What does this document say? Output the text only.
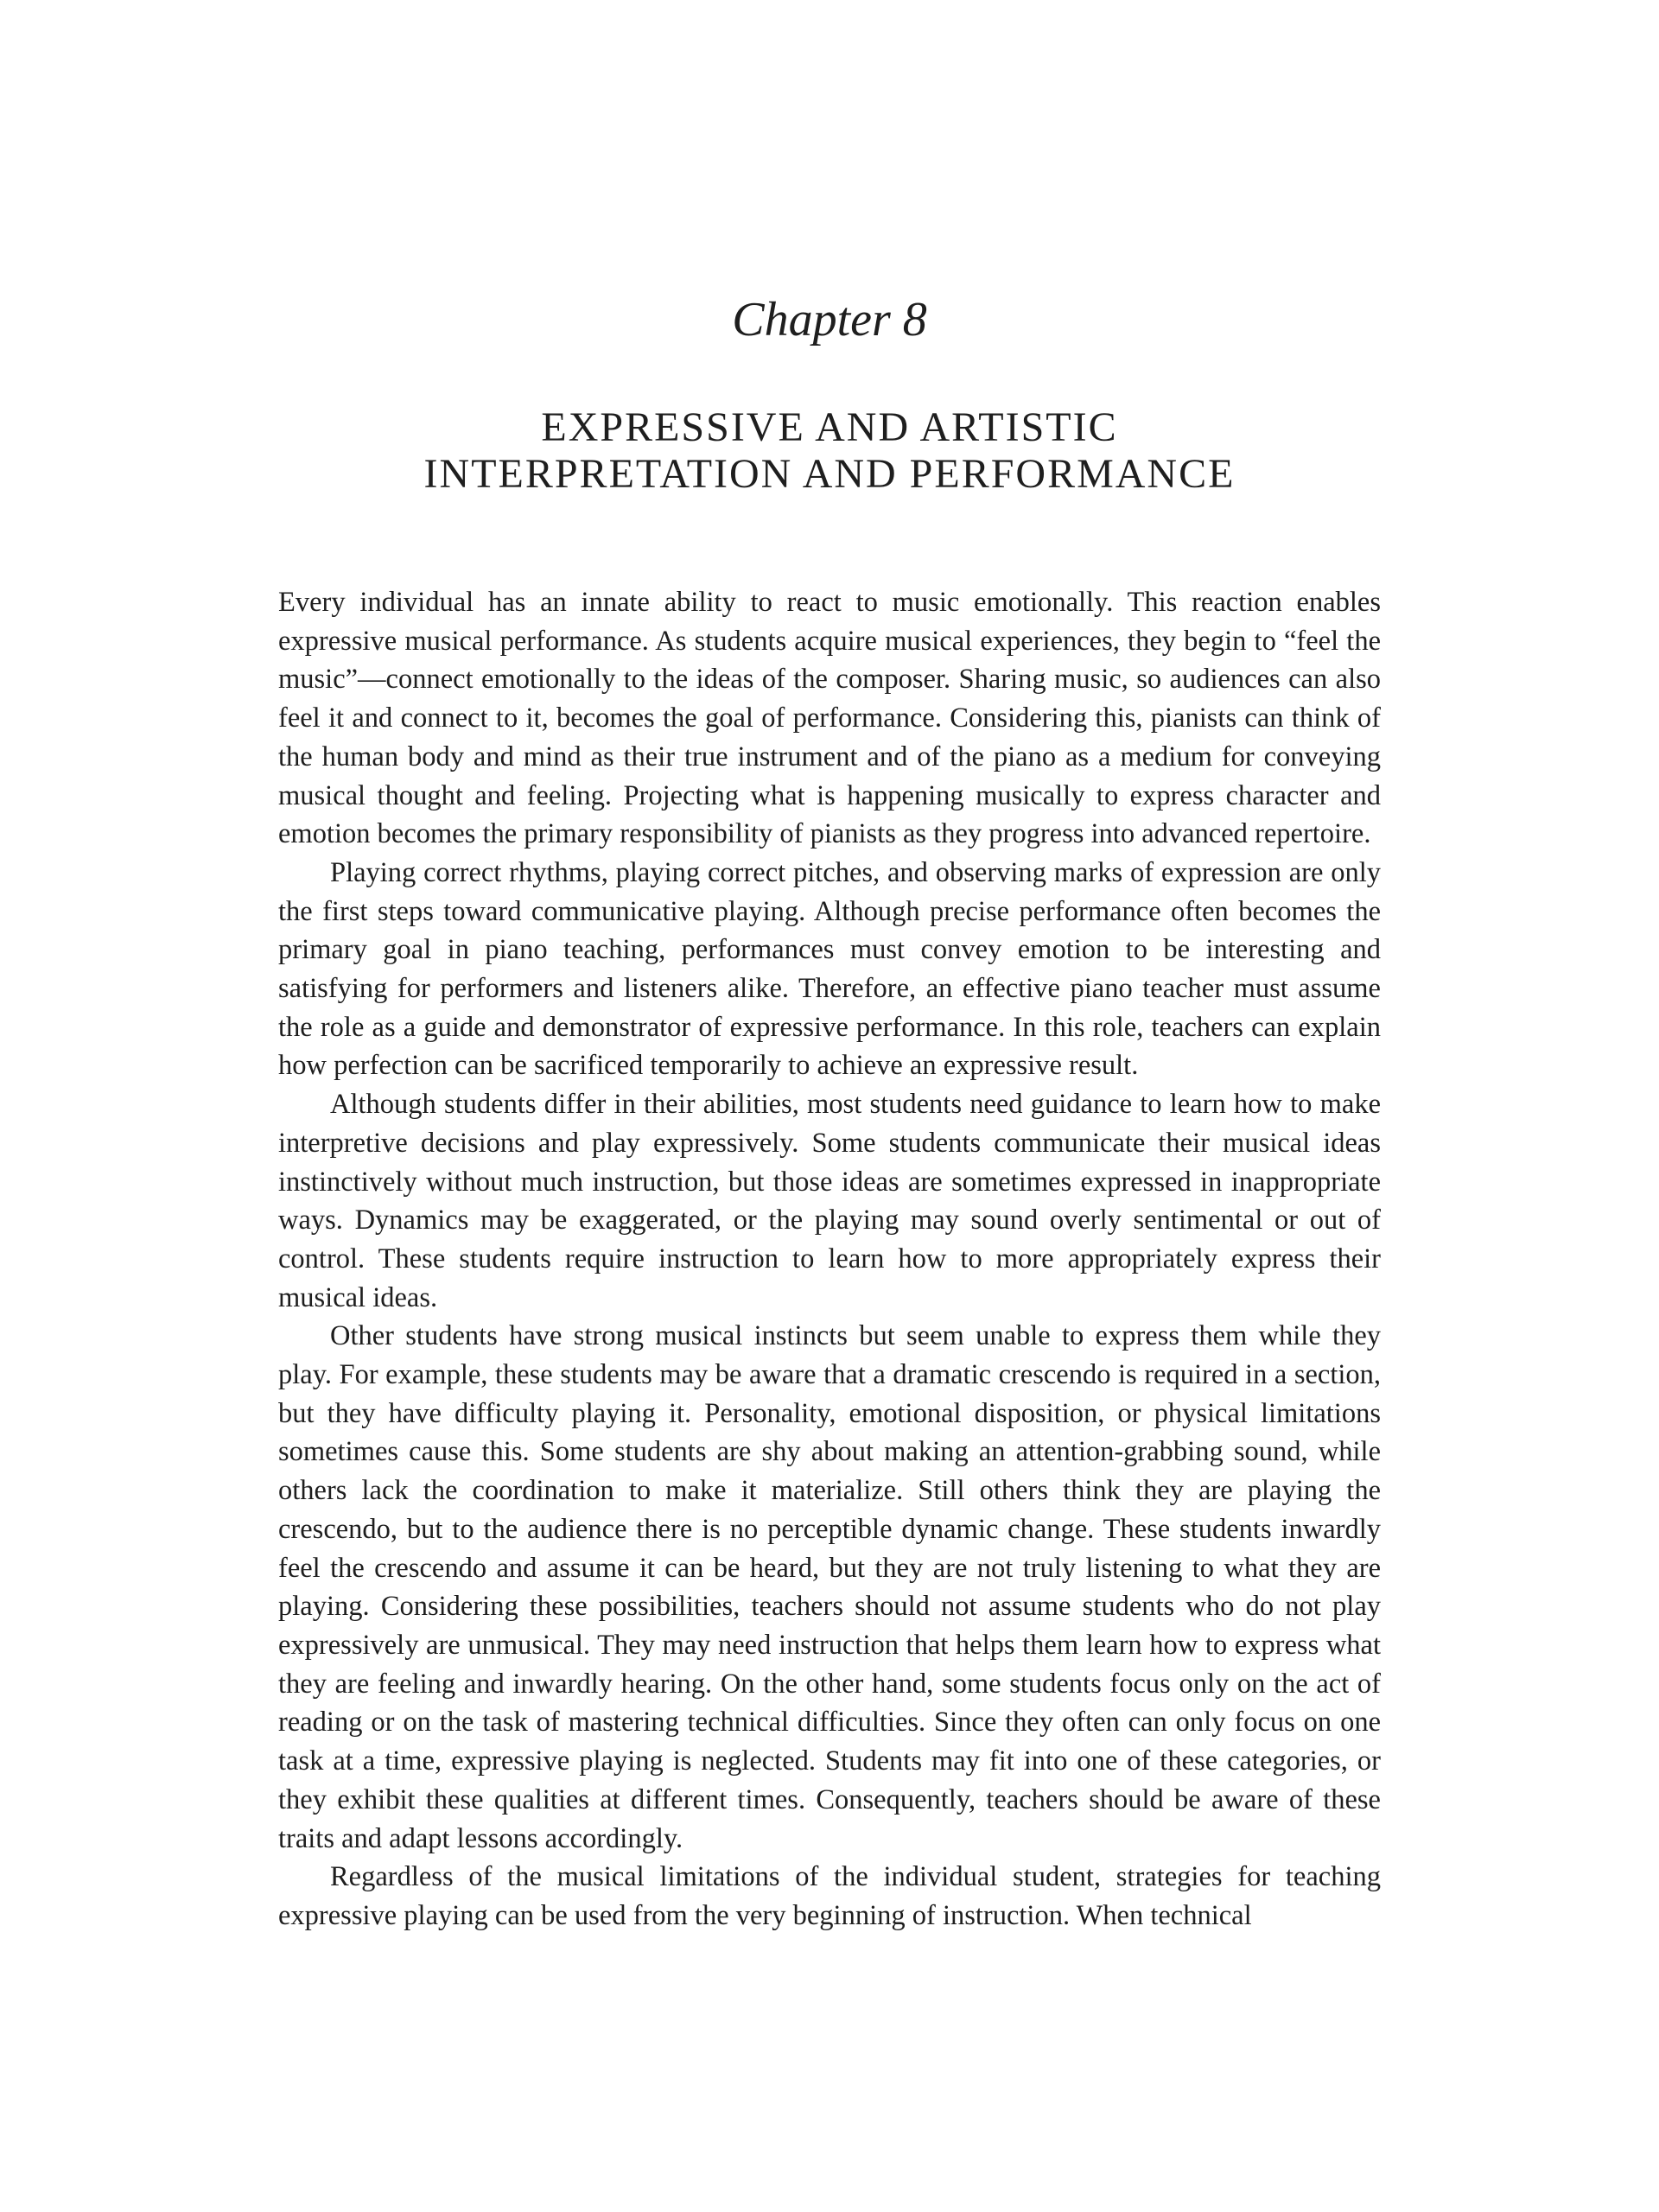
Chapter 8
EXPRESSIVE AND ARTISTIC
INTERPRETATION AND PERFORMANCE

Every individual has an innate ability to react to music emotionally. This reaction enables expressive musical performance. As students acquire musical experiences, they begin to “feel the music”—connect emotionally to the ideas of the composer. Sharing music, so audiences can also feel it and connect to it, becomes the goal of performance. Considering this, pianists can think of the human body and mind as their true instrument and of the piano as a medium for conveying musical thought and feeling. Projecting what is happening musically to express character and emotion becomes the primary responsibility of pianists as they progress into advanced repertoire.

Playing correct rhythms, playing correct pitches, and observing marks of expression are only the first steps toward communicative playing. Although precise performance often becomes the primary goal in piano teaching, performances must convey emotion to be interesting and satisfying for performers and listeners alike. Therefore, an effective piano teacher must assume the role as a guide and demonstrator of expressive performance. In this role, teachers can explain how perfection can be sacrificed temporarily to achieve an expressive result.

Although students differ in their abilities, most students need guidance to learn how to make interpretive decisions and play expressively. Some students communicate their musical ideas instinctively without much instruction, but those ideas are sometimes expressed in inappropriate ways. Dynamics may be exaggerated, or the playing may sound overly sentimental or out of control. These students require instruction to learn how to more appropriately express their musical ideas.

Other students have strong musical instincts but seem unable to express them while they play. For example, these students may be aware that a dramatic crescendo is required in a section, but they have difficulty playing it. Personality, emotional disposition, or physical limitations sometimes cause this. Some students are shy about making an attention-grabbing sound, while others lack the coordination to make it materialize. Still others think they are playing the crescendo, but to the audience there is no perceptible dynamic change. These students inwardly feel the crescendo and assume it can be heard, but they are not truly listening to what they are playing. Considering these possibilities, teachers should not assume students who do not play expressively are unmusical. They may need instruction that helps them learn how to express what they are feeling and inwardly hearing. On the other hand, some students focus only on the act of reading or on the task of mastering technical difficulties. Since they often can only focus on one task at a time, expressive playing is neglected. Students may fit into one of these categories, or they exhibit these qualities at different times. Consequently, teachers should be aware of these traits and adapt lessons accordingly.

Regardless of the musical limitations of the individual student, strategies for teaching expressive playing can be used from the very beginning of instruction. When technical
